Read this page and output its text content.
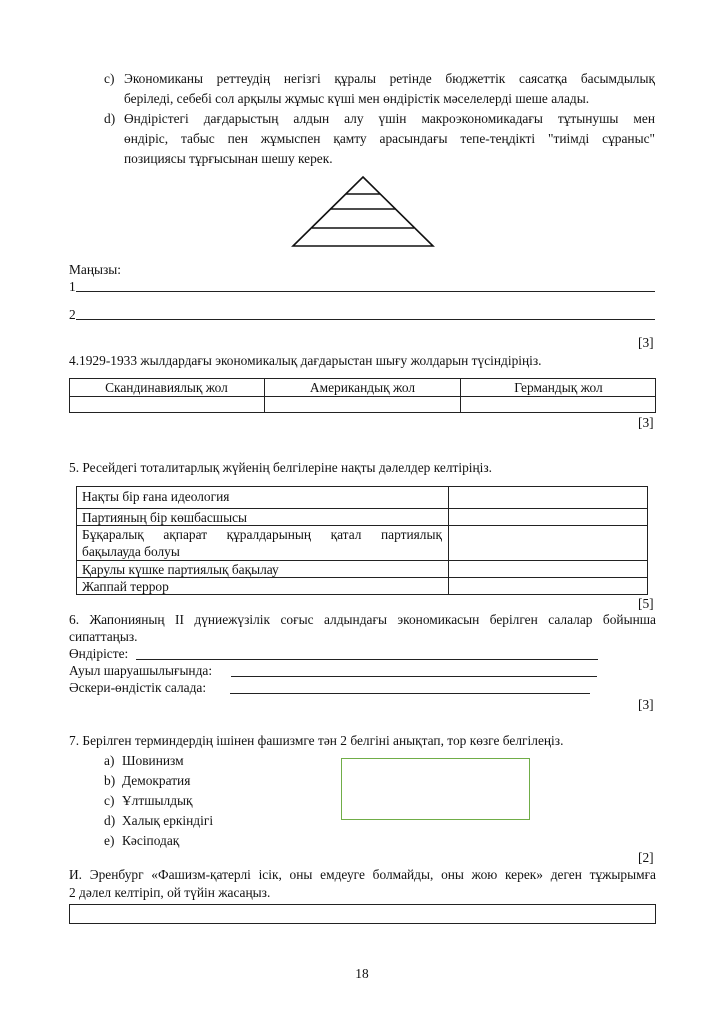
c) Экономиканы реттеудің негізгі құралы ретінде бюджеттік саясатқа басымдылық
беріледі, себебі сол арқылы жұмыс күші мен өндірістік мәселелерді шеше алады.
d) Өндірістегі дағдарыстың алдын алу үшін макроэкономикадағы тұтынушы мен
өндіріс, табыс пен жұмыспен қамту арасындағы тепе-теңдікті "тиімді сұраныс"
позициясы тұрғысынан шешу керек.
Маңызы:
1
2
[3]
4.1929-1933 жылдардағы экономикалық дағдарыстан шығу жолдарын түсіндіріңіз.
Скандинавиялық жол	Американдық жол	Германдық жол
[3]
5. Ресейдегі тоталитарлық жүйенің белгілеріне нақты дәлелдер келтіріңіз.
Нақты бір ғана идеология
Партияның бір көшбасшысы
Бұқаралық ақпарат құралдарының қатал партиялық
бақылауда болуы
Қарулы күшке партиялық бақылау
Жаппай террор
[5]
6. Жапонияның ІІ дүниежүзілік соғыс алдындағы экономикасын берілген салалар бойынша
сипаттаңыз.
Өндірісте:
Ауыл шаруашылығында:
Әскери-өндістік салада:
[3]
7. Берілген терминдердің ішінен фашизмге тән 2 белгіні анықтап, тор көзге белгілеңіз.
a) Шовинизм
b) Демократия
c) Ұлтшылдық
d) Халық еркіндігі
e) Кәсіподақ
[2]
И. Эренбург «Фашизм-қатерлі ісік, оны емдеуге болмайды, оны жою керек» деген тұжырымға
2 дәлел келтіріп, ой түйін жасаңыз.
18
